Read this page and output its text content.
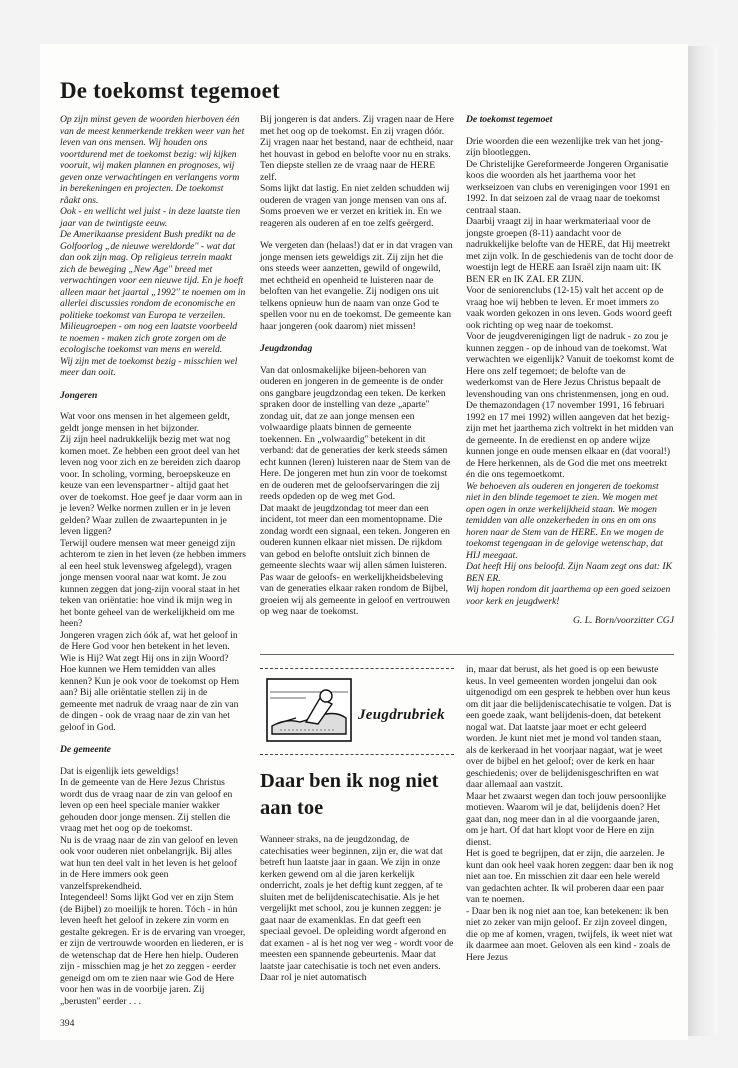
De toekomst tegemoet

Op zijn minst geven de woorden hierboven één van de meest kenmerkende trekken weer van het leven van ons mensen. Wij houden ons voortdurend met de toekomst bezig: wij kijken vooruit, wij maken plannen en prognoses, wij geven onze verwachtingen en verlangens vorm in berekeningen en projecten. De toekomst râakt ons.

Ook - en wellicht wel juist - in deze laatste tien jaar van de twintigste eeuw.

De Amerikaanse president Bush predikt na de Golfoorlog „de nieuwe wereldorde'' - wat dat dan ook zijn mag. Op religieus terrein maakt zich de beweging „New Age'' breed met verwachtingen voor een nieuwe tijd. En je hoeft alleen maar het jaartal „1992'' te noemen om in allerlei discussies rondom de economische en politieke toekomst van Europa te verzeilen. Milieugroepen - om nog een laatste voorbeeld te noemen - maken zich grote zorgen om de ecologische toekomst van mens en wereld.

Wij zijn met de toekomst bezig - misschien wel meer dan ooit.

Jongeren

Wat voor ons mensen in het algemeen geldt, geldt jonge mensen in het bijzonder.

Zij zijn heel nadrukkelijk bezig met wat nog komen moet. Ze hebben een groot deel van het leven nog voor zich en ze bereiden zich daarop voor. In scholing, vorming, beroepskeuze en keuze van een levenspartner - altijd gaat het over de toekomst. Hoe geef je daar vorm aan in je leven? Welke normen zullen er in je leven gelden? Waar zullen de zwaartepunten in je leven liggen?

Terwijl oudere mensen wat meer geneigd zijn achterom te zien in het leven (ze hebben immers al een heel stuk levensweg afgelegd), vragen jonge mensen vooral naar wat komt. Je zou kunnen zeggen dat jong-zijn vooral staat in het teken van oriëntatie: hoe vind ik mijn weg in het bonte geheel van de werkelijkheid om me heen?

Jongeren vragen zich óók af, wat het geloof in de Here God voor hen betekent in het leven. Wie is Hij? Wat zegt Hij ons in zijn Woord? Hoe kunnen we Hem temidden van alles kennen? Kun je ook voor de toekomst op Hem aan? Bij alle oriëntatie stellen zij in de gemeente met nadruk de vraag naar de zin van de dingen - ook de vraag naar de zin van het geloof in God.

De gemeente

Dat is eigenlijk iets geweldigs!

In de gemeente van de Here Jezus Christus wordt dus de vraag naar de zin van geloof en leven op een heel speciale manier wakker gehouden door jonge mensen. Zij stellen die vraag met het oog op de toekomst.

Nu is de vraag naar de zin van geloof en leven ook voor ouderen niet onbelangrijk. Bij alles wat hun ten deel valt in het leven is het geloof in de Here immers ook geen vanzelfsprekendheid.

Integendeel! Soms lijkt God ver en zijn Stem (de Bijbel) zo moeilijk te horen. Tóch - in hún leven heeft het geloof in zekere zin vorm en gestalte gekregen. Er is de ervaring van vroeger, er zijn de vertrouwde woorden en liederen, er is de wetenschap dat de Here hen hielp. Ouderen zijn - misschien mag je het zo zeggen - eerder geneigd om om te zien naar wie God de Here voor hen was in de voorbije jaren. Zij „berusten'' eerder . . .

Bij jongeren is dat anders. Zij vragen naar de Here met het oog op de toekomst. En zij vragen dóór. Zij vragen naar het bestand, naar de echtheid, naar het houvast in gebod en belofte voor nu en straks. Ten diepste stellen ze de vraag naar de HERE zelf.

Soms lijkt dat lastig. En niet zelden schudden wij ouderen de vragen van jonge mensen van ons af. Soms proeven we er verzet en kritiek in. En we reageren als ouderen af en toe zelfs geërgerd.

We vergeten dan (helaas!) dat er in dat vragen van jonge mensen iets geweldigs zit. Zij zijn het die ons steeds weer aanzetten, gewild of ongewild, met echtheid en openheid te luisteren naar de beloften van het evangelie. Zij nodigen ons uit telkens opnieuw hun de naam van onze God te spellen voor nu en de toekomst. De gemeente kan haar jongeren (ook daarom) niet missen!

Jeugdzondag

Van dat onlosmakelijke bijeen-behoren van ouderen en jongeren in de gemeente is de onder ons gangbare jeugdzondag een teken. De kerken spraken door de instelling van deze „aparte'' zondag uit, dat ze aan jonge mensen een volwaardige plaats binnen de gemeente toekennen. En „volwaardig'' betekent in dit verband: dat de generaties der kerk steeds sámen echt kunnen (leren) luisteren naar de Stem van de Here. De jongeren met hun zin voor de toekomst en de ouderen met de geloofservaringen die zij reeds opdeden op de weg met God.

Dat maakt de jeugdzondag tot meer dan een incident, tot meer dan een momentopname. Die zondag wordt een signaal, een teken. Jongeren en ouderen kunnen elkaar niet missen. De rijkdom van gebod en belofte ontsluit zich binnen de gemeente slechts waar wij allen sámen luisteren. Pas waar de geloofs- en werkelijkheidsbeleving van de generaties elkaar raken rondom de Bijbel, groeien wij als gemeente in geloof en vertrouwen op weg naar de toekomst.

De toekomst tegemoet

Drie woorden die een wezenlijke trek van het jong-zijn blootleggen.

De Christelijke Gereformeerde Jongeren Organisatie koos die woorden als het jaarthema voor het werkseizoen van clubs en verenigingen voor 1991 en 1992. In dat seizoen zal de vraag naar de toekomst centraal staan.

Daarbij vraagt zij in haar werkmateriaal voor de jongste groepen (8-11) aandacht voor de nadrukkelijke belofte van de HERE, dat Hij meetrekt met zijn volk. In de geschiedenis van de tocht door de woestijn legt de HERE aan Israël zijn naam uit: IK BEN ER en IK ZAL ER ZIJN.

Voor de seniorenclubs (12-15) valt het accent op de vraag hoe wij hebben te leven. Er moet immers zo vaak worden gekozen in ons leven. Gods woord geeft ook richting op weg naar de toekomst.

Voor de jeugdverenigingen ligt de nadruk - zo zou je kunnen zeggen - op de inhoud van de toekomst. Wat verwachten we eigenlijk? Vanuit de toekomst komt de Here ons zelf tegemoet; de belofte van de wederkomst van de Here Jezus Christus bepaalt de levenshouding van ons christenmensen, jong en oud.

De themazondagen (17 november 1991, 16 februari 1992 en 17 mei 1992) willen aangeven dat het bezig-zijn met het jaarthema zich voltrekt in het midden van de gemeente. In de eredienst en op andere wijze kunnen jonge en oude mensen elkaar en (dat vooral!) de Here herkennen, als de God die met ons meetrekt én die ons tegemoetkomt.

We behoeven als ouderen en jongeren de toekomst niet in den blinde tegemoet te zien. We mogen met open ogen in onze werkelijkheid staan. We mogen temidden van alle onzekerheden in ons en om ons horen naar de Stem van de HERE. En we mogen de toekomst tegengaan in de gelovige wetenschap, dat HIJ meegaat.

Dat heeft Hij ons beloofd. Zijn Naam zegt ons dat: IK BEN ER.

Wij hopen rondom dit jaarthema op een goed seizoen voor kerk en jeugdwerk!

G. L. Born/voorzitter CGJ

Jeugdrubriek
Daar ben ik nog niet aan toe

Wanneer straks, na de jeugdzondag, de catechisaties weer beginnen, zijn er, die wat dat betreft hun laatste jaar in gaan. We zijn in onze kerken gewend om al die jaren kerkelijk onderricht, zoals je het deftig kunt zeggen, af te sluiten met de belijdeniscatechisatie. Als je het vergelijkt met school, zou je kunnen zeggen: je gaat naar de examenklas. En dat geeft een speciaal gevoel. De opleiding wordt afgerond en dat examen - al is het nog ver weg - wordt voor de meesten een spannende gebeurtenis. Maar dat laatste jaar catechisatie is toch net even anders. Daar rol je niet automatisch

in, maar dat berust, als het goed is op een bewuste keus. In veel gemeenten worden jongelui dan ook uitgenodigd om een gesprek te hebben over hun keus om dit jaar die belijdeniscatechisatie te volgen. Dat is een goede zaak, want belijdenis-doen, dat betekent nogal wat. Dat laatste jaar moet er echt geleerd worden. Je kunt niet met je mond vol tanden staan, als de kerkeraad in het voorjaar nagaat, wat je weet over de bijbel en het geloof; over de kerk en haar geschiedenis; over de belijdenisgeschriften en wat daar allemaal aan vastzit.

Maar het zwaarst wegen dan toch jouw persoonlijke motieven. Waarom wil je dat, belijdenis doen? Het gaat dan, nog meer dan in al die voorgaande jaren, om je hart. Of dat hart klopt voor de Here en zijn dienst.

Het is goed te begrijpen, dat er zijn, die aarzelen. Je kunt dan ook heel vaak horen zeggen: daar ben ik nog niet aan toe. En misschien zit daar een hele wereld van gedachten achter. Ik wil proberen daar een paar van te noemen.

- Daar ben ik nog niet aan toe, kan betekenen: ik ben niet zo zeker van mijn geloof. Er zijn zoveel dingen, die op me af komen, vragen, twijfels, ik weet niet wat ik daarmee aan moet. Geloven als een kind - zoals de Here Jezus

394
